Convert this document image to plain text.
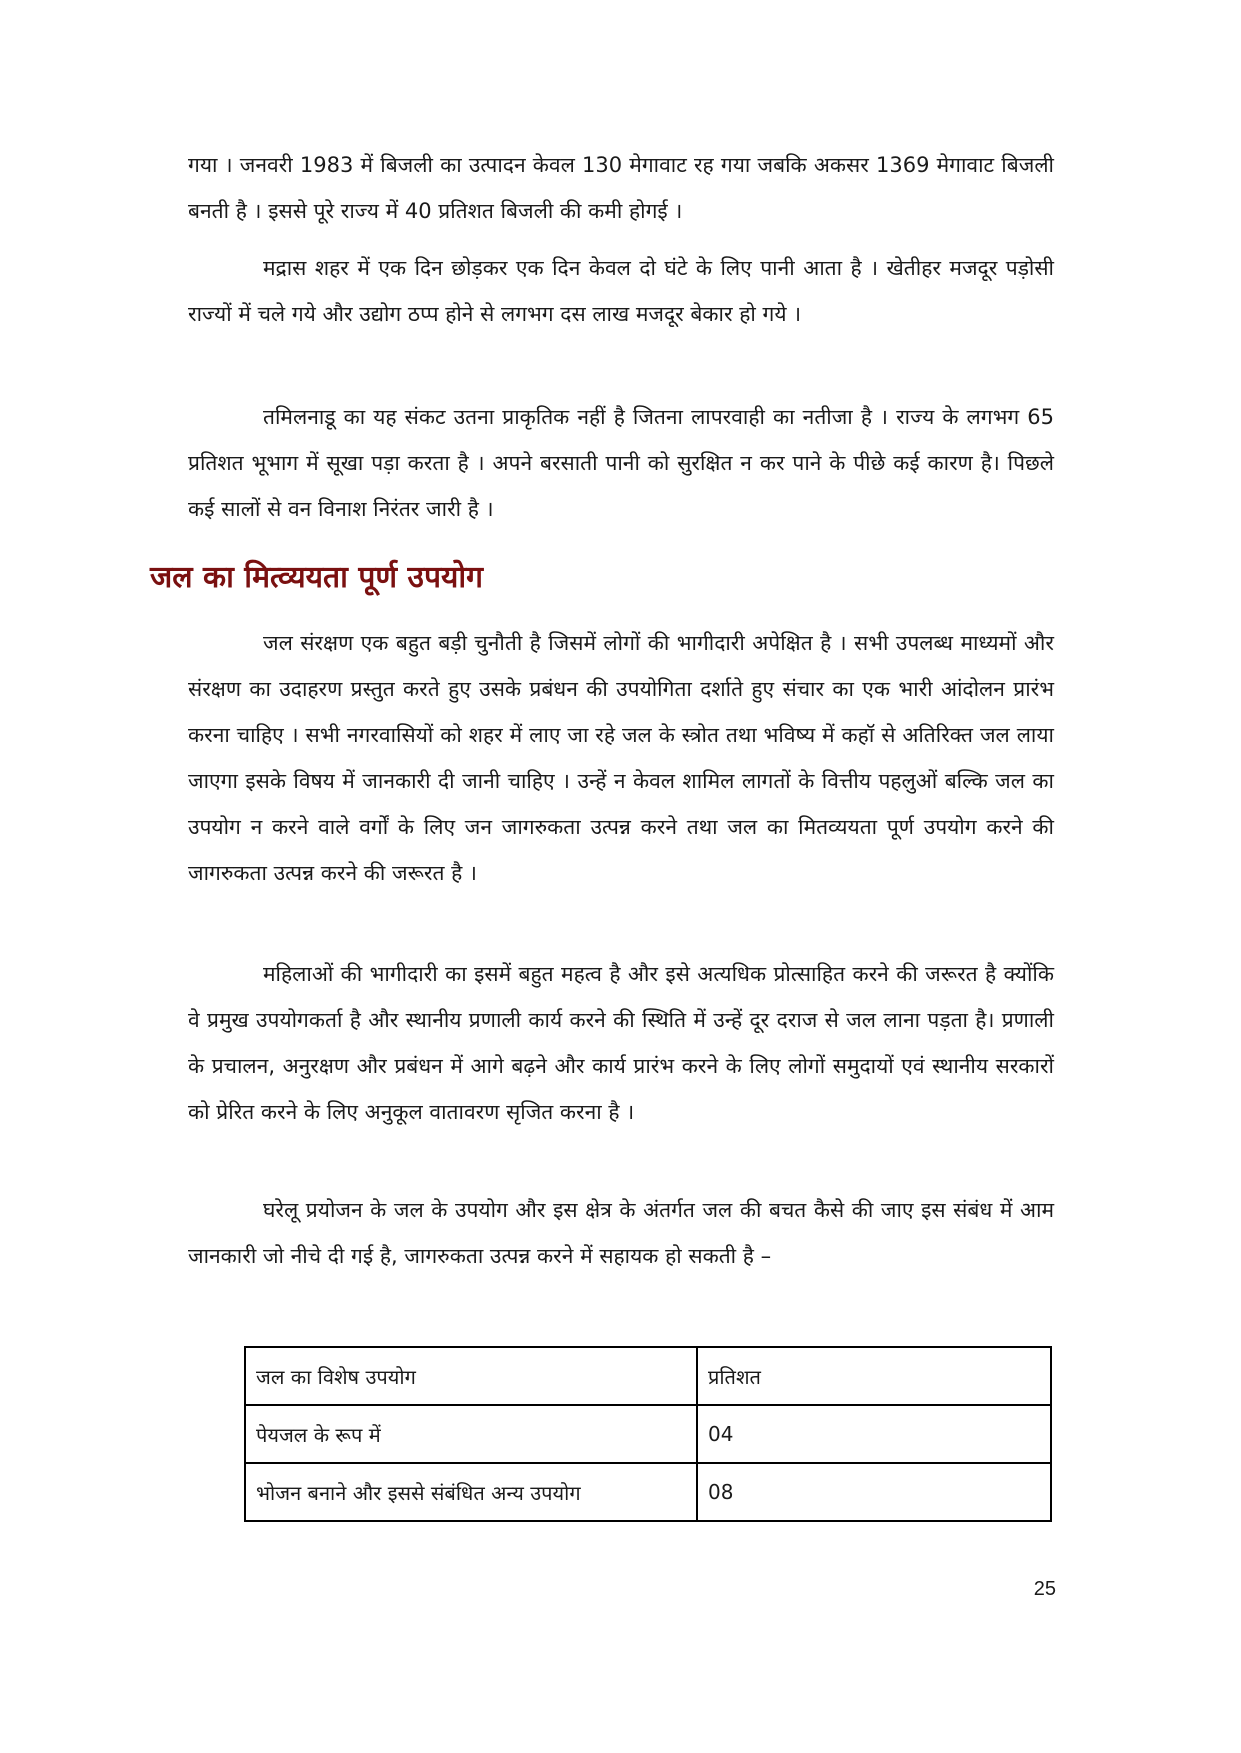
गया । जनवरी 1983 में बिजली का उत्पादन केवल 130 मेगावाट रह गया जबकि अकसर 1369 मेगावाट बिजली बनती है । इससे पूरे राज्य में 40 प्रतिशत बिजली की कमी होगई ।

मद्रास शहर में एक दिन छोड़कर एक दिन केवल दो घंटे के लिए पानी आता है । खेतीहर मजदूर पड़ोसी राज्यों में चले गये और उद्योग ठप्प होने से लगभग दस लाख मजदूर बेकार हो गये ।

तमिलनाडू का यह संकट उतना प्राकृतिक नहीं है जितना लापरवाही का नतीजा है । राज्य के लगभग 65 प्रतिशत भूभाग में सूखा पड़ा करता है । अपने बरसाती पानी को सुरक्षित न कर पाने के पीछे कई कारण है। पिछले कई सालों से वन विनाश निरंतर जारी है ।

जल का मित्व्ययता पूर्ण उपयोग

जल संरक्षण एक बहुत बड़ी चुनौती है जिसमें लोगों की भागीदारी अपेक्षित है । सभी उपलब्ध माध्यमों और संरक्षण का उदाहरण प्रस्तुत करते हुए उसके प्रबंधन की उपयोगिता दर्शाते हुए संचार का एक भारी आंदोलन प्रारंभ करना चाहिए । सभी नगरवासियों को शहर में लाए जा रहे जल के स्त्रोत तथा भविष्य में कहॉ से अतिरिक्त जल लाया जाएगा इसके विषय में जानकारी दी जानी चाहिए । उन्हें न केवल शामिल लागतों के वित्तीय पहलुओं बल्कि जल का उपयोग न करने वाले वर्गों के लिए जन जागरुकता उत्पन्न करने तथा जल का मितव्ययता पूर्ण उपयोग करने की जागरुकता उत्पन्न करने की जरूरत है ।

महिलाओं की भागीदारी का इसमें बहुत महत्व है और इसे अत्यधिक प्रोत्साहित करने की जरूरत है क्योंकि वे प्रमुख उपयोगकर्ता है और स्थानीय प्रणाली कार्य करने की स्थिति में उन्हें दूर दराज से जल लाना पड़ता है। प्रणाली के प्रचालन, अनुरक्षण और प्रबंधन में आगे बढ़ने और कार्य प्रारंभ करने के लिए लोगों समुदायों एवं स्थानीय सरकारों को प्रेरित करने के लिए अनुकूल वातावरण सृजित करना है ।

घरेलू प्रयोजन के जल के उपयोग और इस क्षेत्र के अंतर्गत जल की बचत कैसे की जाए इस संबंध में आम जानकारी जो नीचे दी गई है, जागरुकता उत्पन्न करने में सहायक हो सकती है –

जल का विशेष उपयोग	प्रतिशत
पेयजल के रूप में	04
भोजन बनाने और इससे संबंधित अन्य उपयोग	08
25
